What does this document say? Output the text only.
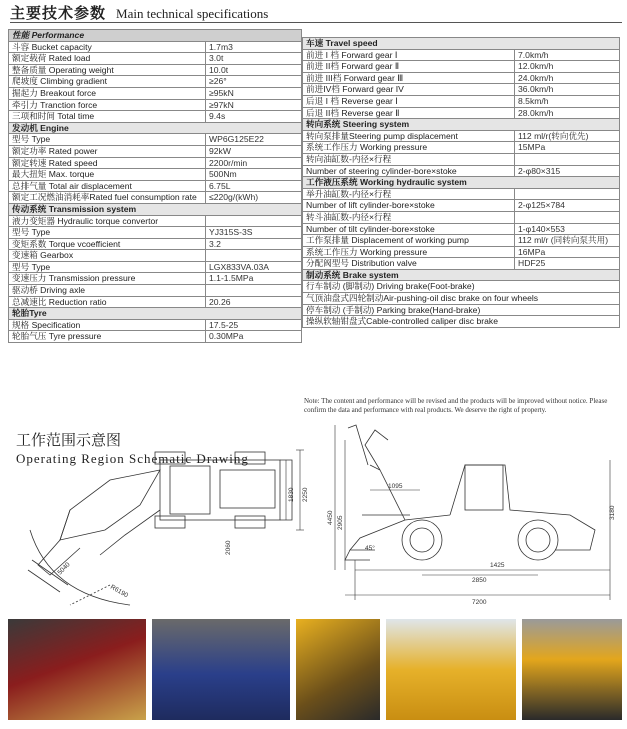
主要技术参数 Main technical specifications
性能 Performance	
斗容 Bucket capacity	1.7m3
额定载荷 Rated load	3.0t
整备质量 Operating weight	10.0t
爬坡度 Climbing gradient	≥26°
掘起力 Breakout force	≥95kN
牵引力 Tranction force	≥97kN
三项和时间 Total time	9.4s
发动机 Engine	
型号 Type	WP6G125E22
额定功率 Rated power	92kW
额定转速 Rated speed	2200r/min
最大扭矩 Max. torque	500Nm
总排气量 Total air displacement	6.75L
额定工况燃油消耗率Rated fuel consumption rate	≤220g/(kWh)
传动系统 Transmission system	
液力变矩器 Hydraulic torque convertor	
型号 Type	YJ315S-3S
变矩系数 Torque vcoefficient	3.2
变速箱 Gearbox	
型号 Type	LGX833VA.03A
变速压力 Transmission pressure	1.1-1.5MPa
驱动桥 Driving axle	
总减速比 Reduction ratio	20.26
轮胎Tyre	
规格 Specification	17.5-25
轮胎气压 Tyre pressure	0.30MPa
车速 Travel speed	
前进 I 档 Forward gear Ⅰ	7.0km/h
前进 II档 Forward gear Ⅱ	12.0km/h
前进 III档 Forward gear Ⅲ	24.0km/h
前进IV档 Forward gear IV	36.0km/h
后退 I 档 Reverse gear Ⅰ	8.5km/h
后退 II档 Reverse gear Ⅱ	28.0km/h
转向系统 Steering system	
转向泵排量Steering pump displacement	112 ml/r(转向优先)
系统工作压力 Working pressure	15MPa
转向油缸数-内径×行程	
Number of steering cylinder-bore×stoke	2-φ80×315
工作液压系统 Working hydraulic system	
举升油缸数-内径×行程	
Number of lift cylinder-bore×stoke	2-φ125×784
转斗油缸数-内径×行程	
Number of tilt cylinder-bore×stoke	1-φ140×553
工作泵排量 Displacement of working pump	112 ml/r (同转向泵共用)
系统工作压力 Working pressure	16MPa
分配阀型号 Distribution valve	HDF25
制动系统 Brake system	
行车制动 (脚制动) Driving brake(Foot-brake)	
气顶油盘式四轮制动Air-pushing-oil disc brake on four wheels	
停车制动 (手制动) Parking brake(Hand-brake)	
操纵软轴钳盘式Cable-controlled caliper disc brake	
Note: The content and performance will be revised and the products will be improved without notice. Please confirm the data and performance with real products. We deserve the right of property.
工作范围示意图
Operating Region Schematic Drawing
1830 2250
2060
5040
R6190
1095
4450 2905
3180
1425
2850
7200
45°
